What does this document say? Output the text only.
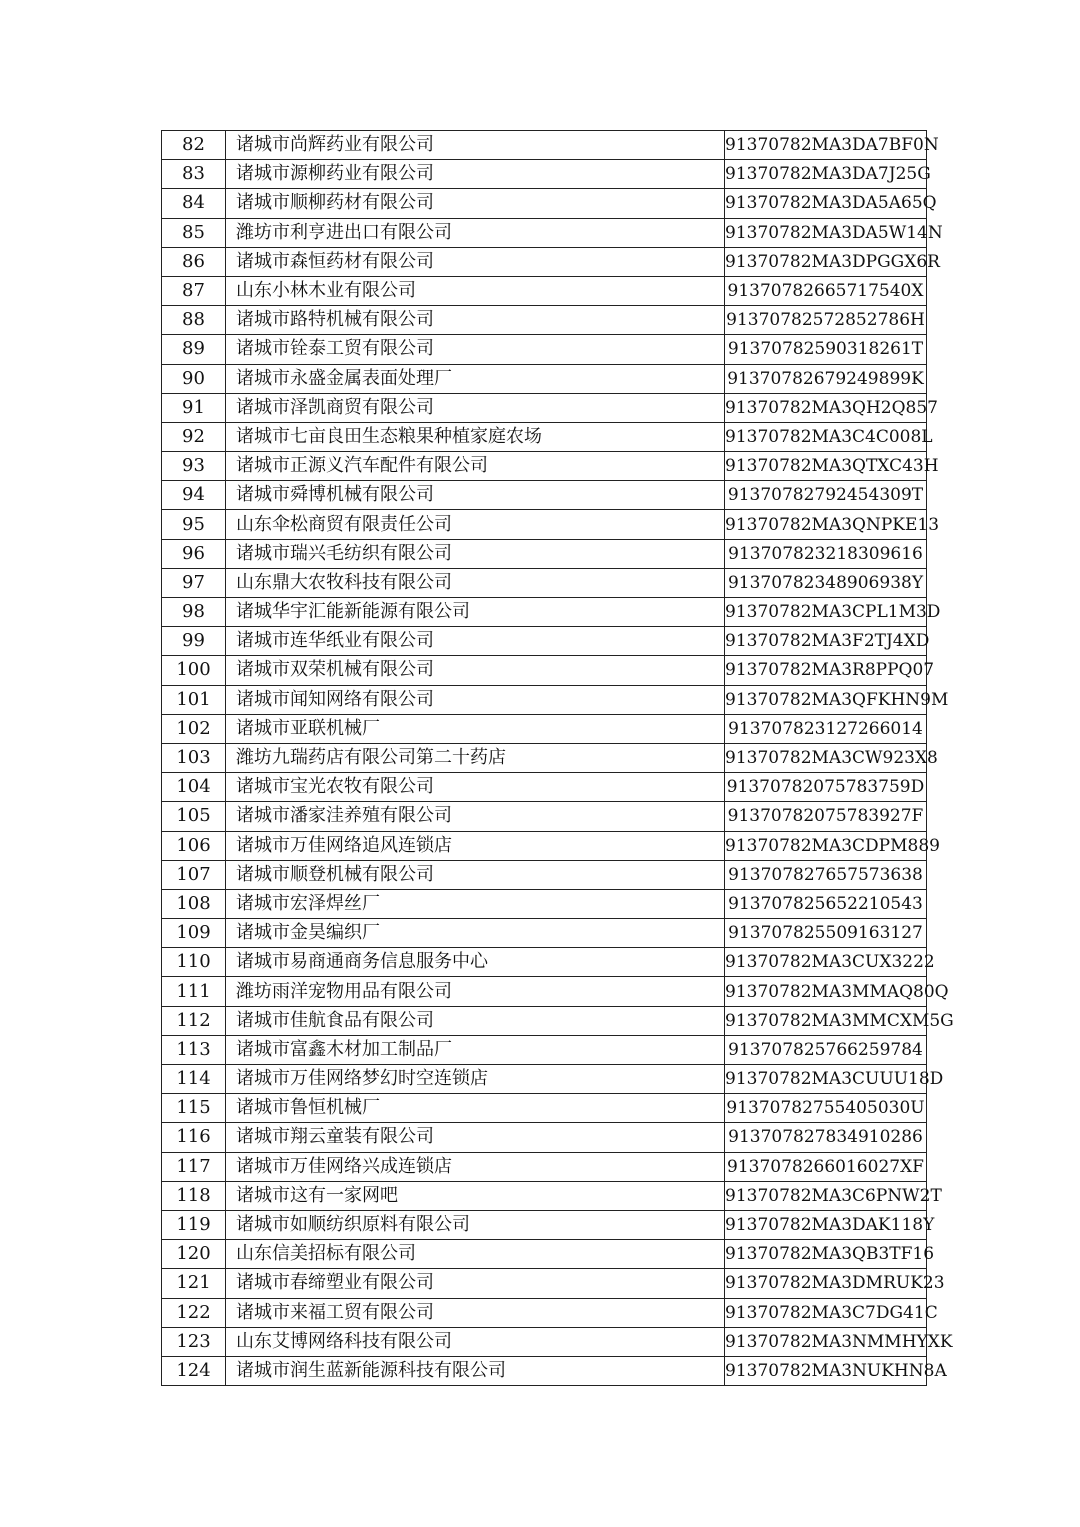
82	诸城市尚辉药业有限公司	91370782MA3DA7BF0N
83	诸城市源柳药业有限公司	91370782MA3DA7J25G
84	诸城市顺柳药材有限公司	91370782MA3DA5A65Q
85	潍坊市利亨进出口有限公司	91370782MA3DA5W14N
86	诸城市森恒药材有限公司	91370782MA3DPGGX6R
87	山东小林木业有限公司	91370782665717540X
88	诸城市路特机械有限公司	91370782572852786H
89	诸城市铨泰工贸有限公司	91370782590318261T
90	诸城市永盛金属表面处理厂	91370782679249899K
91	诸城市泽凯商贸有限公司	91370782MA3QH2Q857
92	诸城市七亩良田生态粮果种植家庭农场	91370782MA3C4C008L
93	诸城市正源义汽车配件有限公司	91370782MA3QTXC43H
94	诸城市舜博机械有限公司	91370782792454309T
95	山东伞松商贸有限责任公司	91370782MA3QNPKE13
96	诸城市瑞兴毛纺织有限公司	913707823218309616
97	山东鼎大农牧科技有限公司	91370782348906938Y
98	诸城华宇汇能新能源有限公司	91370782MA3CPL1M3D
99	诸城市连华纸业有限公司	91370782MA3F2TJ4XD
100	诸城市双荣机械有限公司	91370782MA3R8PPQ07
101	诸城市闻知网络有限公司	91370782MA3QFKHN9M
102	诸城市亚联机械厂	913707823127266014
103	潍坊九瑞药店有限公司第二十药店	91370782MA3CW923X8
104	诸城市宝光农牧有限公司	91370782075783759D
105	诸城市潘家洼养殖有限公司	91370782075783927F
106	诸城市万佳网络追风连锁店	91370782MA3CDPM889
107	诸城市顺登机械有限公司	913707827657573638
108	诸城市宏泽焊丝厂	913707825652210543
109	诸城市金昊编织厂	913707825509163127
110	诸城市易商通商务信息服务中心	91370782MA3CUX3222
111	潍坊雨洋宠物用品有限公司	91370782MA3MMAQ80Q
112	诸城市佳航食品有限公司	91370782MA3MMCXM5G
113	诸城市富鑫木材加工制品厂	913707825766259784
114	诸城市万佳网络梦幻时空连锁店	91370782MA3CUUU18D
115	诸城市鲁恒机械厂	91370782755405030U
116	诸城市翔云童装有限公司	913707827834910286
117	诸城市万佳网络兴成连锁店	9137078266016027XF
118	诸城市这有一家网吧	91370782MA3C6PNW2T
119	诸城市如顺纺织原料有限公司	91370782MA3DAK118Y
120	山东信美招标有限公司	91370782MA3QB3TF16
121	诸城市春缔塑业有限公司	91370782MA3DMRUK23
122	诸城市来福工贸有限公司	91370782MA3C7DG41C
123	山东艾博网络科技有限公司	91370782MA3NMMHYXK
124	诸城市润生蓝新能源科技有限公司	91370782MA3NUKHN8A
